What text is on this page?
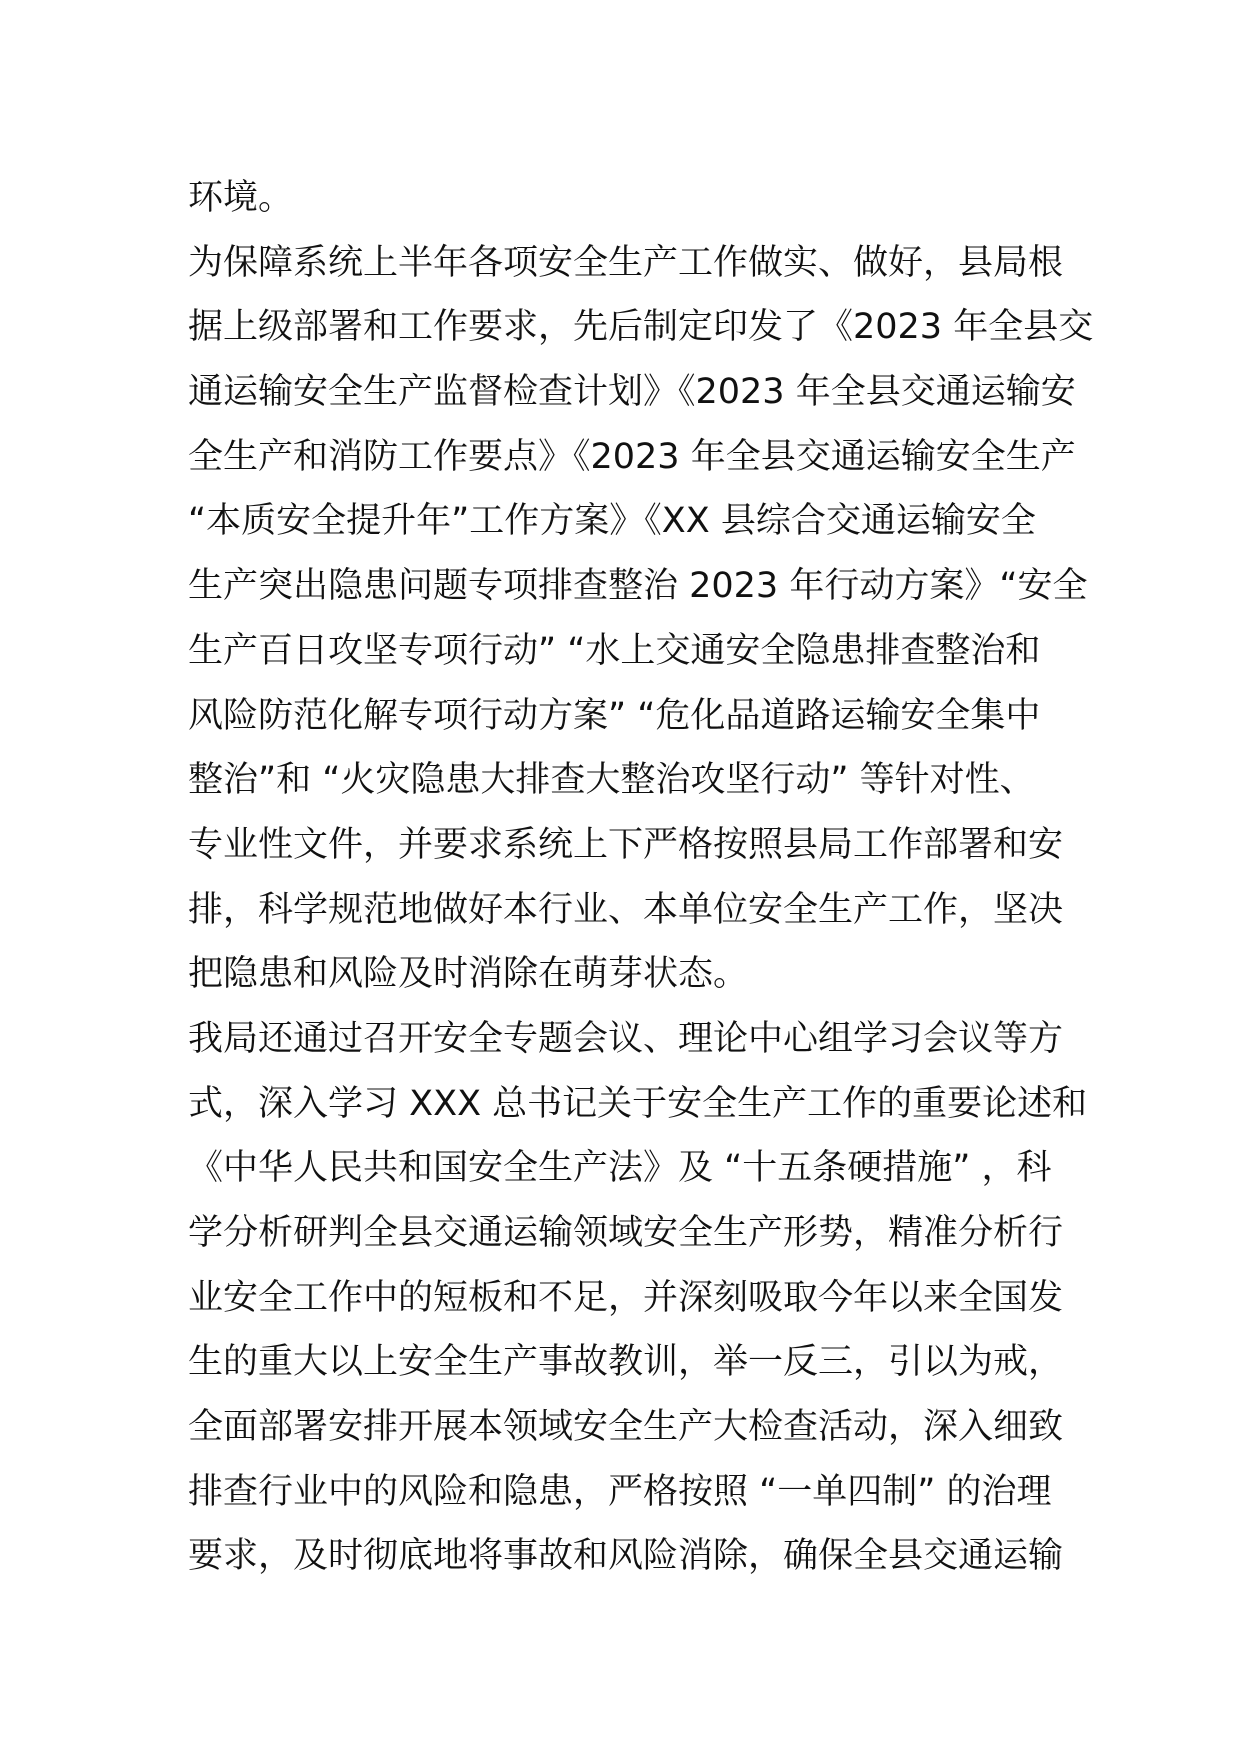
环境。
为保障系统上半年各项安全生产工作做实、做好，县局根
据上级部署和工作要求，先后制定印发了《2023 年全县交
通运输安全生产监督检查计划》《2023 年全县交通运输安
全生产和消防工作要点》《2023 年全县交通运输安全生产
“本质安全提升年”工作方案》《XX 县综合交通运输安全
生产突出隐患问题专项排查整治 2023 年行动方案》“安全
生产百日攻坚专项行动” “水上交通安全隐患排查整治和
风险防范化解专项行动方案” “危化品道路运输安全集中
整治”和 “火灾隐患大排查大整治攻坚行动” 等针对性、
专业性文件，并要求系统上下严格按照县局工作部署和安
排，科学规范地做好本行业、本单位安全生产工作，坚决
把隐患和风险及时消除在萌芽状态。
我局还通过召开安全专题会议、理论中心组学习会议等方
式，深入学习 XXX 总书记关于安全生产工作的重要论述和
《中华人民共和国安全生产法》及 “十五条硬措施” ，科
学分析研判全县交通运输领域安全生产形势，精准分析行
业安全工作中的短板和不足，并深刻吸取今年以来全国发
生的重大以上安全生产事故教训，举一反三，引以为戒，
全面部署安排开展本领域安全生产大检查活动，深入细致
排查行业中的风险和隐患，严格按照 “一单四制” 的治理
要求，及时彻底地将事故和风险消除，确保全县交通运输
